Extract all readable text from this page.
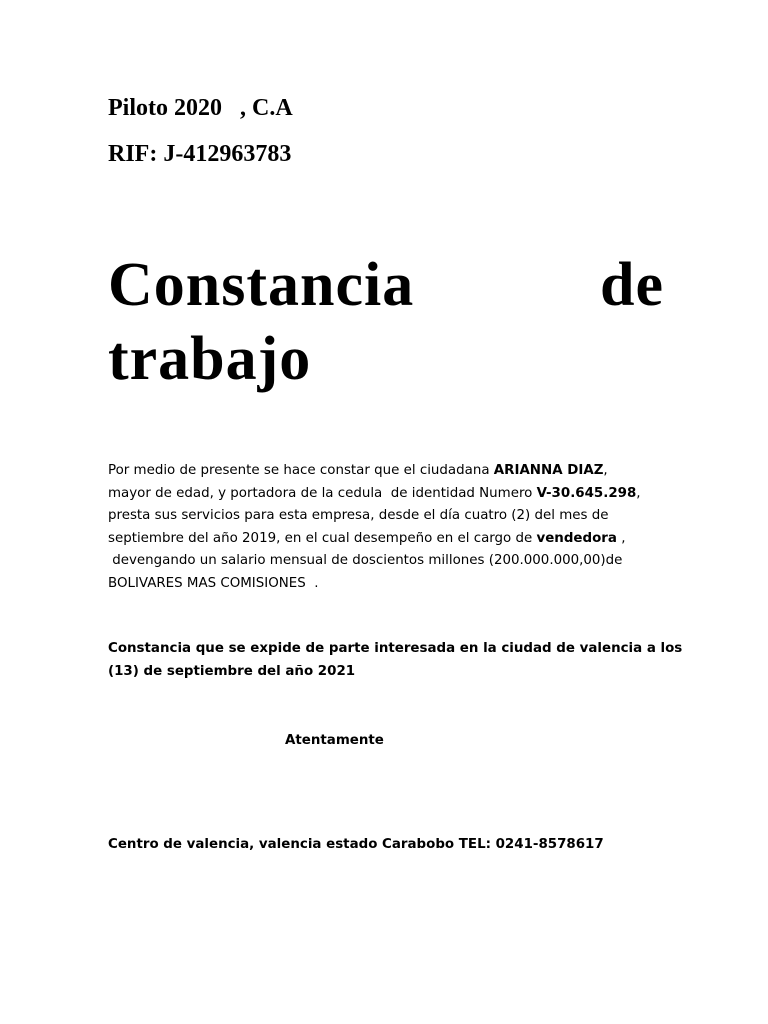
Piloto 2020   , C.A

RIF: J-412963783

Constancia	de
trabajo
Por medio de presente se hace constar que el ciudadana ARIANNA DIAZ,
mayor de edad, y portadora de la cedula  de identidad Numero V-30.645.298,
presta sus servicios para esta empresa, desde el día cuatro (2) del mes de
septiembre del año 2019, en el cual desempeño en el cargo de vendedora ,
devengando un salario mensual de doscientos millones (200.000.000,00)de
BOLIVARES MAS COMISIONES  .
Constancia que se expide de parte interesada en la ciudad de valencia a los
(13) de septiembre del año 2021

Atentamente

Centro de valencia, valencia estado Carabobo TEL: 0241-8578617
